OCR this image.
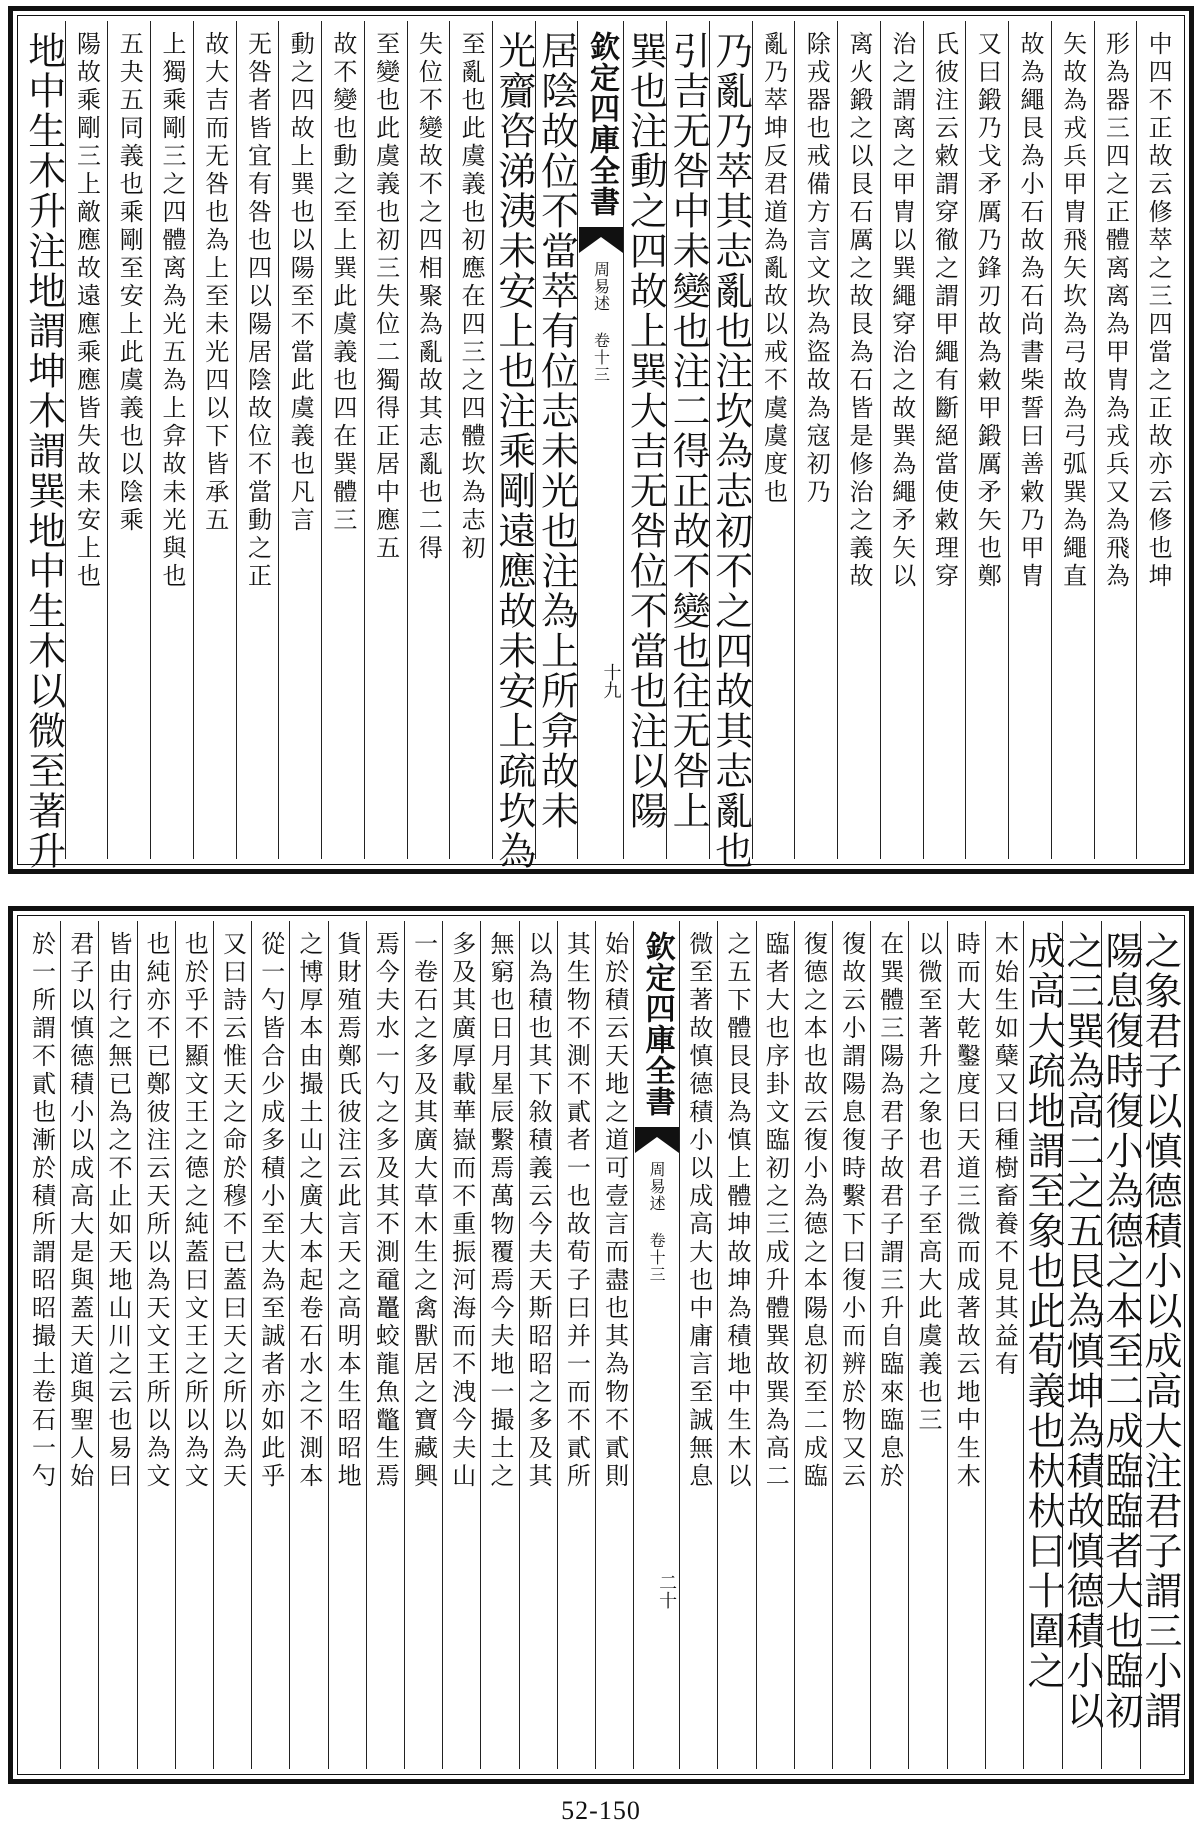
中四不正故云修萃之三四當之正故亦云修也坤
形為器三四之正體离离為甲胄為戎兵又為飛為
矢故為戎兵甲胄飛矢坎為弓故為弓弧巽為繩直
故為繩艮為小石故為石尚書柴誓曰善敹乃甲胄
又曰鍛乃戈矛厲乃鋒刃故為敹甲鍛厲矛矢也鄭
氏彼注云敹謂穿徹之謂甲繩有斷絕當使敹理穿
治之謂离之甲胄以巽繩穿治之故巽為繩矛矢以
离火鍛之以艮石厲之故艮為石皆是修治之義故
除戎器也戒備方言文坎為盜故為寇初乃
亂乃萃坤反君道為亂故以戒不虞虞度也
乃亂乃萃其志亂也注坎為志初不之四故其志亂也
引吉无咎中未變也注二得正故不變也往无咎上
巽也注動之四故上巽大吉无咎位不當也注以陽
欽定四庫全書
周易述 卷十三
十九
居陰故位不當萃有位志未光也注為上所弇故未
光齎咨涕洟未安上也注乘剛遠應故未安上疏坎為
至亂也此虞義也初應在四三之四體坎為志初
失位不變故不之四相聚為亂故其志亂也二得
至變也此虞義也初三失位二獨得正居中應五
故不變也動之至上巽此虞義也四在巽體三
動之四故上巽也以陽至不當此虞義也凡言
无咎者皆宜有咎也四以陽居陰故位不當動之正
故大吉而无咎也為上至未光四以下皆承五
上獨乘剛三之四體离為光五為上弇故未光與也
五夬五同義也乘剛至安上此虞義也以陰乘
陽故乘剛三上敵應故遠應乘應皆失故未安上也
地中生木升注地謂坤木謂巽地中生木以微至著升
之象君子以慎德積小以成高大注君子謂三小謂
陽息復時復小為德之本至二成臨臨者大也臨初
之三巽為高二之五艮為慎坤為積故慎德積小以
成高大疏地謂至象也此荀義也杕杕曰十圍之
木始生如蘖又曰種樹畜養不見其益有
時而大乾鑿度曰天道三微而成著故云地中生木
以微至著升之象也君子至高大此虞義也三
在巽體三陽為君子故君子謂三升自臨來臨息於
復故云小謂陽息復時繫下曰復小而辨於物又云
復德之本也故云復小為德之本陽息初至二成臨
臨者大也序卦文臨初之三成升體巽故巽為高二
之五下體艮艮為慎上體坤故坤為積地中生木以
微至著故慎德積小以成高大也中庸言至誠無息
欽定四庫全書
周易述 卷十三
二十
始於積云天地之道可壹言而盡也其為物不貳則
其生物不測不貳者一也故荀子曰并一而不貳所
以為積也其下敘積義云今夫天斯昭昭之多及其
無窮也日月星辰繫焉萬物覆焉今夫地一撮土之
多及其廣厚載華嶽而不重振河海而不洩今夫山
一卷石之多及其廣大草木生之禽獸居之寶藏興
焉今夫水一勺之多及其不測黿鼉蛟龍魚鼈生焉
貨財殖焉鄭氏彼注云此言天之高明本生昭昭地
之博厚本由撮土山之廣大本起卷石水之不測本
從一勺皆合少成多積小至大為至誠者亦如此乎
又曰詩云惟天之命於穆不已蓋曰天之所以為天
也於乎不顯文王之德之純蓋曰文王之所以為文
也純亦不已鄭彼注云天所以為天文王所以為文
皆由行之無已為之不止如天地山川之云也易曰
君子以慎德積小以成高大是與蓋天道與聖人始
於一所謂不貳也漸於積所謂昭昭撮土卷石一勺
52-150
